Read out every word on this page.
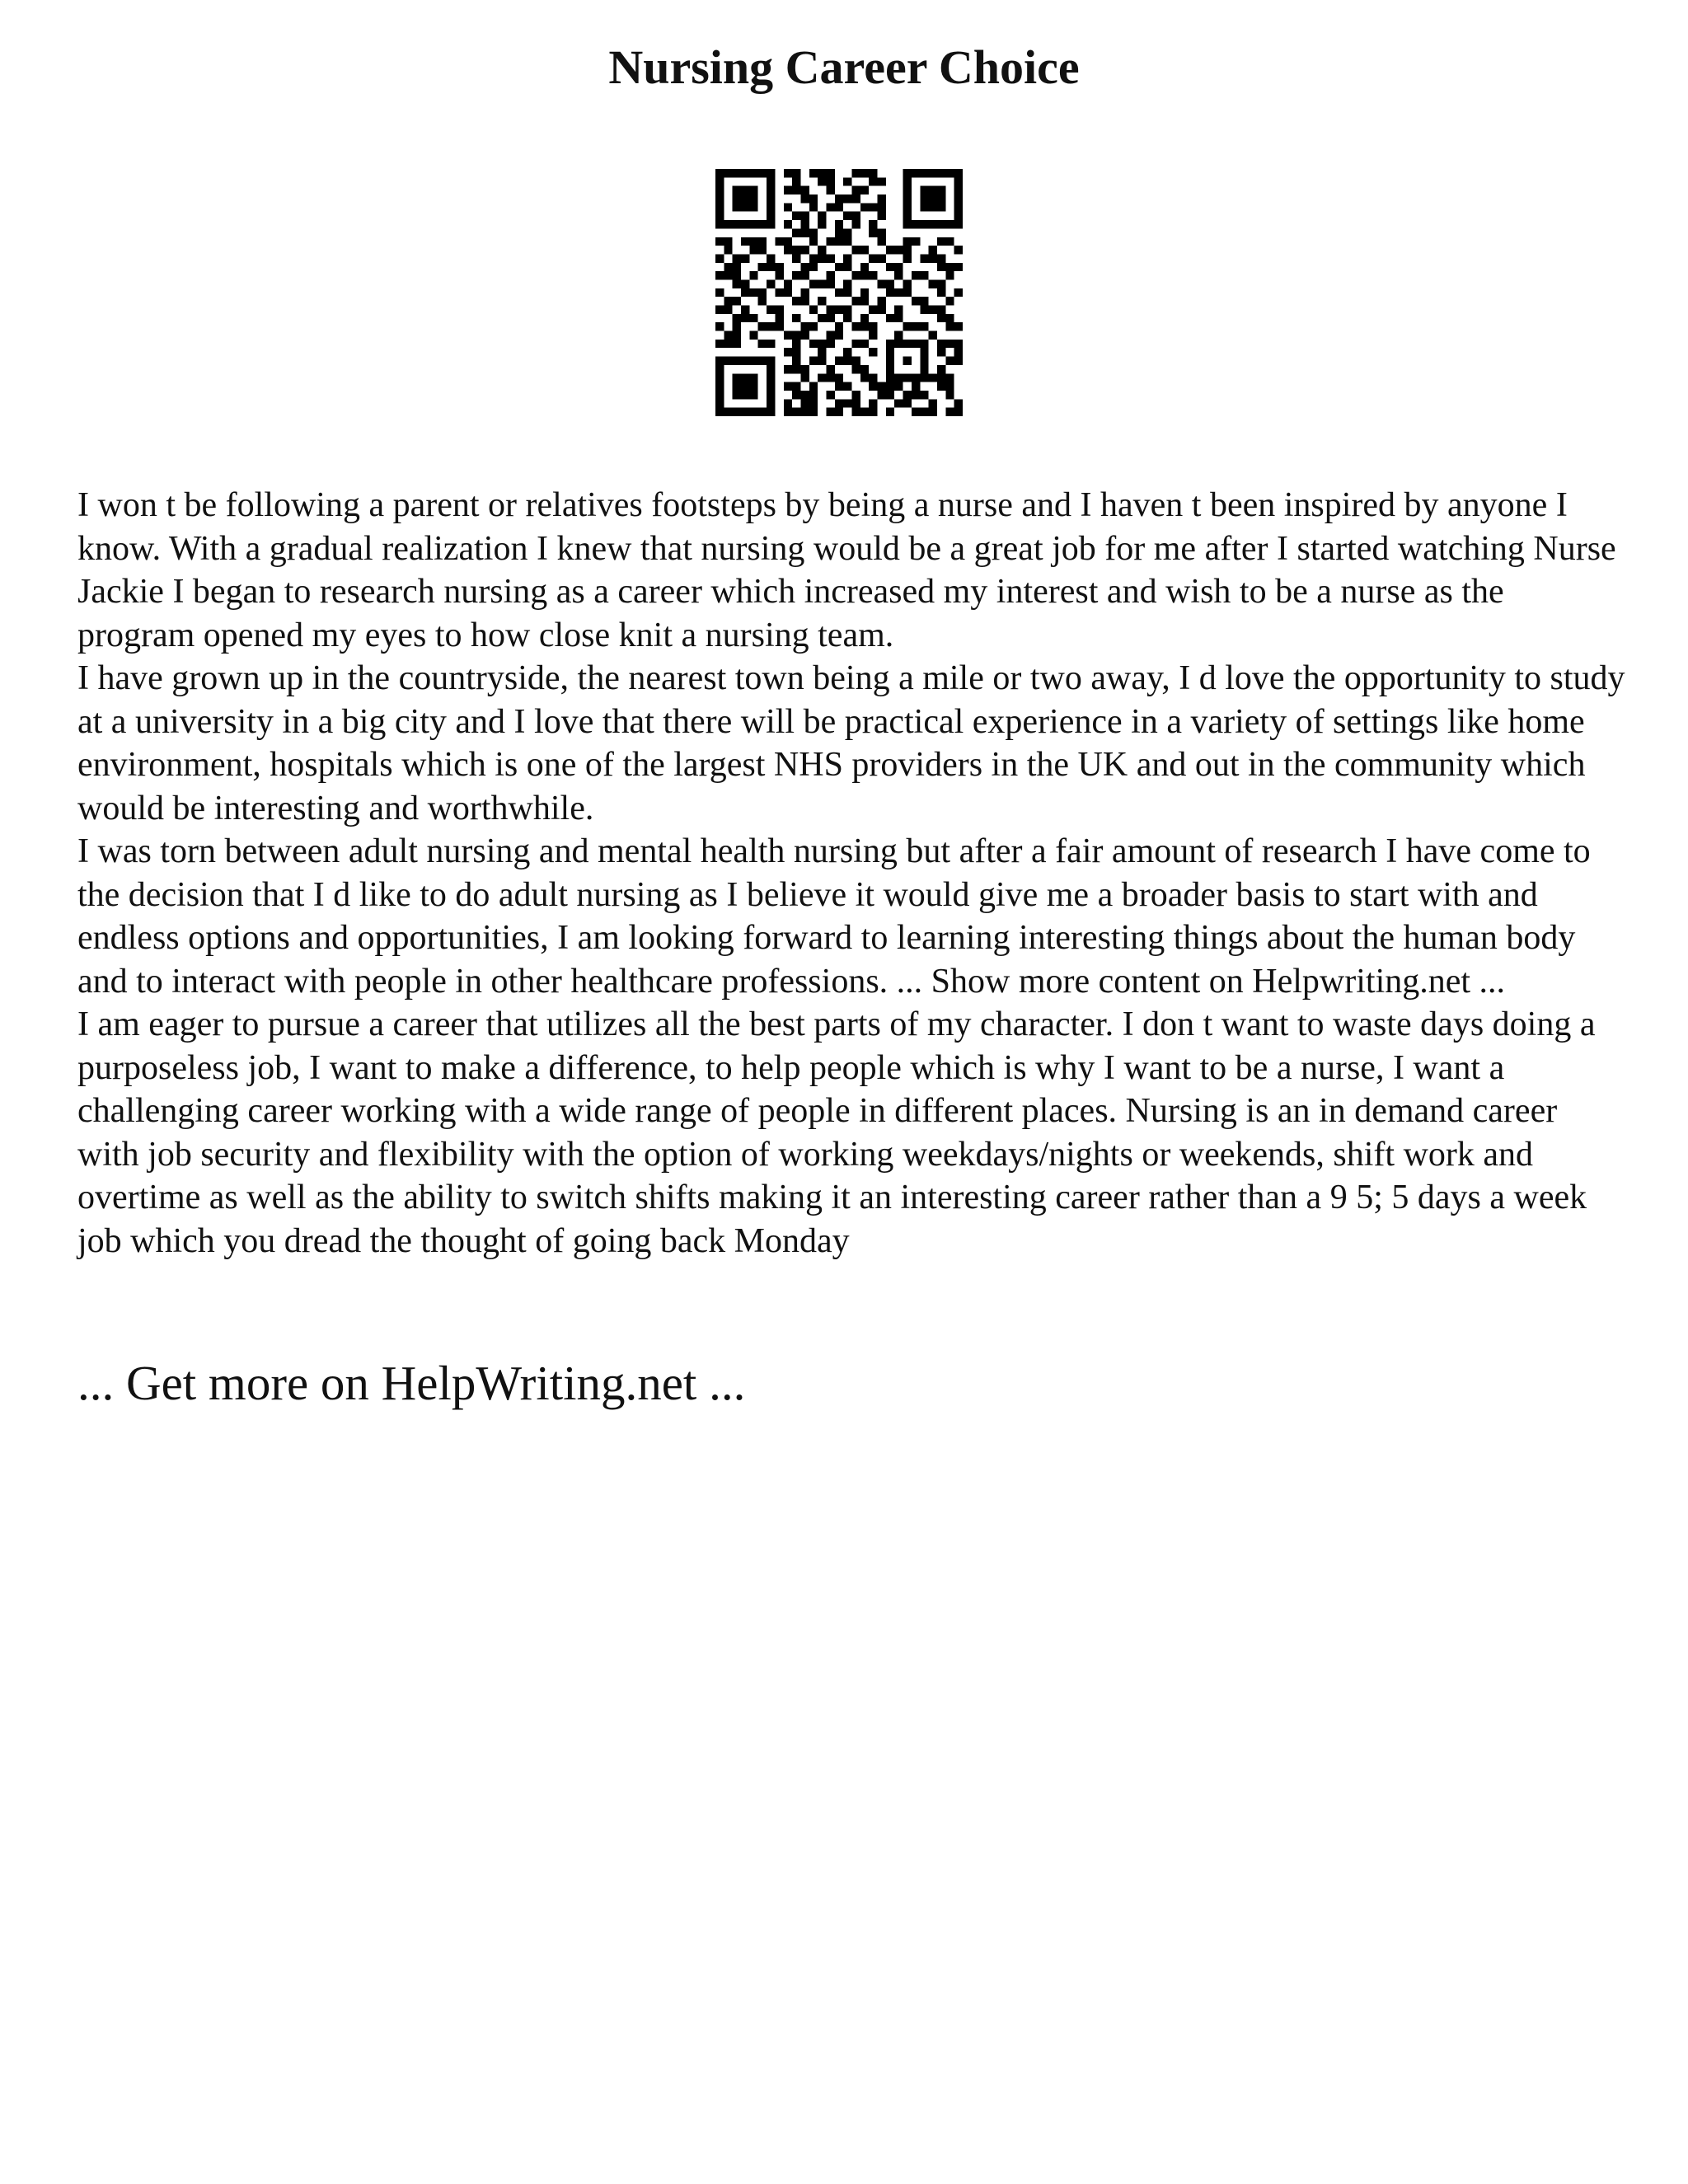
Nursing Career Choice

I won t be following a parent or relatives footsteps by being a nurse and I haven t been inspired by anyone I know. With a gradual realization I knew that nursing would be a great job for me after I started watching Nurse Jackie I began to research nursing as a career which increased my interest and wish to be a nurse as the program opened my eyes to how close knit a nursing team.

I have grown up in the countryside, the nearest town being a mile or two away, I d love the opportunity to study at a university in a big city and I love that there will be practical experience in a variety of settings like home environment, hospitals which is one of the largest NHS providers in the UK and out in the community which would be interesting and worthwhile.

I was torn between adult nursing and mental health nursing but after a fair amount of research I have come to the decision that I d like to do adult nursing as I believe it would give me a broader basis to start with and endless options and opportunities, I am looking forward to learning interesting things about the human body and to interact with people in other healthcare professions. ... Show more content on Helpwriting.net ...

I am eager to pursue a career that utilizes all the best parts of my character. I don t want to waste days doing a purposeless job, I want to make a difference, to help people which is why I want to be a nurse, I want a challenging career working with a wide range of people in different places. Nursing is an in demand career with job security and flexibility with the option of working weekdays/nights or weekends, shift work and overtime as well as the ability to switch shifts making it an interesting career rather than a 9 5; 5 days a week job which you dread the thought of going back Monday

... Get more on HelpWriting.net ...
